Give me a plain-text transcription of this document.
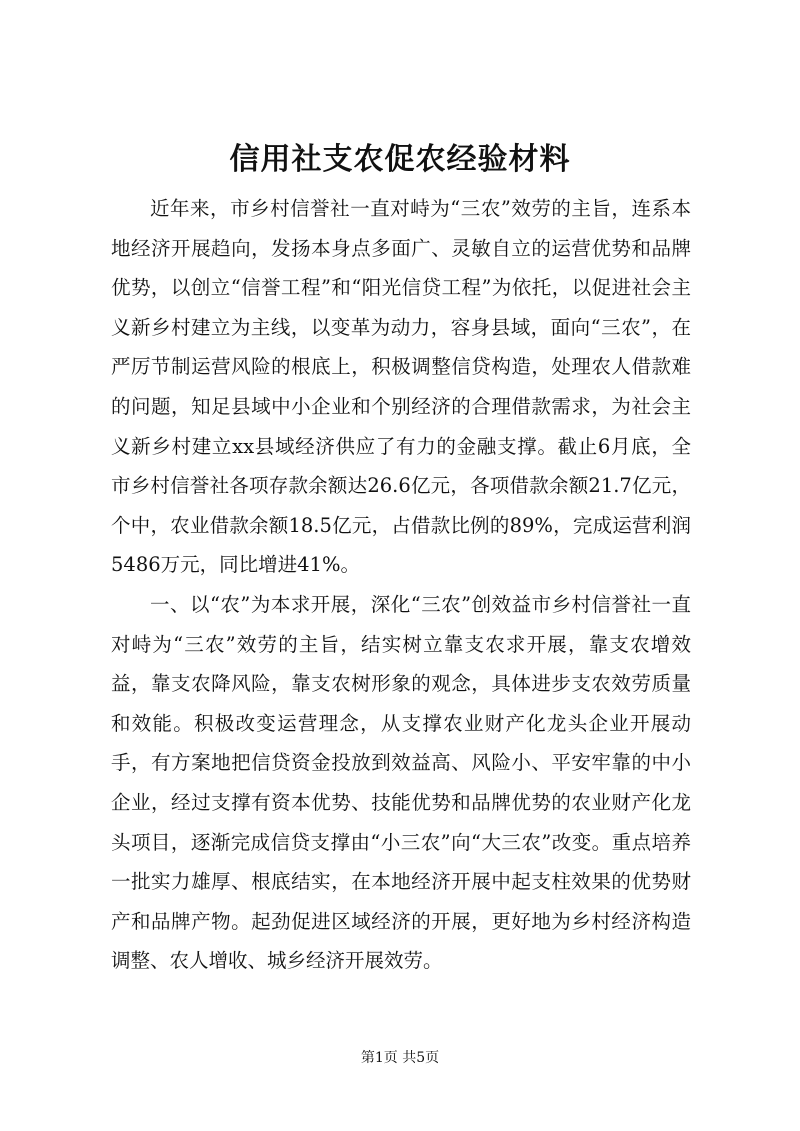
信用社支农促农经验材料

近年来，市乡村信誉社一直对峙为“三农”效劳的主旨，连系本地经济开展趋向，发扬本身点多面广、灵敏自立的运营优势和品牌优势，以创立“信誉工程”和“阳光信贷工程”为依托，以促进社会主义新乡村建立为主线，以变革为动力，容身县域，面向“三农”，在严厉节制运营风险的根底上，积极调整信贷构造，处理农人借款难的问题，知足县域中小企业和个别经济的合理借款需求，为社会主义新乡村建立xx县域经济供应了有力的金融支撑。截止6月底，全市乡村信誉社各项存款余额达26.6亿元，各项借款余额21.7亿元，个中，农业借款余额18.5亿元，占借款比例的89%，完成运营利润5486万元，同比增进41%。

一、以“农”为本求开展，深化“三农”创效益市乡村信誉社一直对峙为“三农”效劳的主旨，结实树立靠支农求开展，靠支农增效益，靠支农降风险，靠支农树形象的观念，具体进步支农效劳质量和效能。积极改变运营理念，从支撑农业财产化龙头企业开展动手，有方案地把信贷资金投放到效益高、风险小、平安牢靠的中小企业，经过支撑有资本优势、技能优势和品牌优势的农业财产化龙头项目，逐渐完成信贷支撑由“小三农”向“大三农”改变。重点培养一批实力雄厚、根底结实，在本地经济开展中起支柱效果的优势财产和品牌产物。起劲促进区域经济的开展，更好地为乡村经济构造调整、农人增收、城乡经济开展效劳。

第1页 共5页
